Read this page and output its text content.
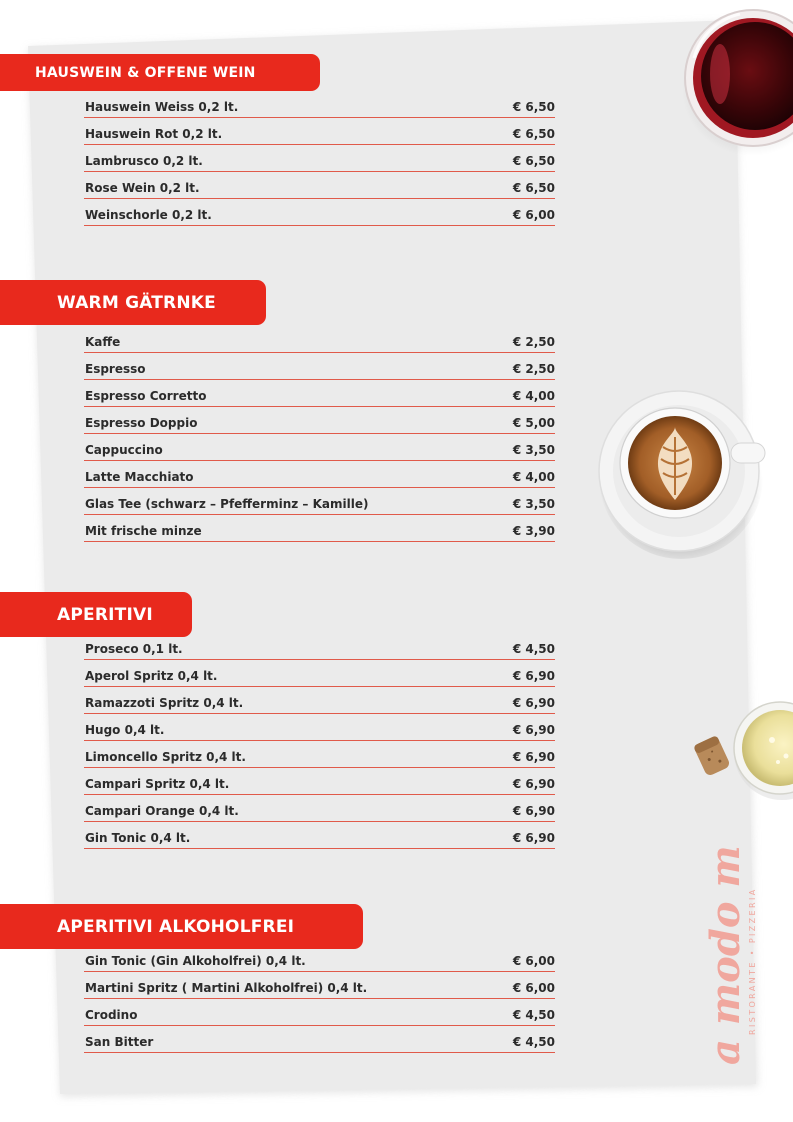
HAUSWEIN & OFFENE WEIN
Hauswein Weiss 0,2 lt.	€ 6,50
Hauswein Rot 0,2 lt.	€ 6,50
Lambrusco 0,2 lt.	€ 6,50
Rose Wein 0,2 lt.	€ 6,50
Weinschorle 0,2 lt.	€ 6,00
WARM GÄTRNKE
Kaffe	€ 2,50
Espresso	€ 2,50
Espresso Corretto	€ 4,00
Espresso Doppio	€ 5,00
Cappuccino	€ 3,50
Latte Macchiato	€ 4,00
Glas Tee (schwarz – Pfefferminz – Kamille)	€ 3,50
Mit frische minze	€ 3,90
APERITIVI
Proseco 0,1 lt.	€ 4,50
Aperol Spritz 0,4 lt.	€ 6,90
Ramazzoti Spritz 0,4 lt.	€ 6,90
Hugo 0,4 lt.	€ 6,90
Limoncello Spritz 0,4 lt.	€ 6,90
Campari Spritz 0,4 lt.	€ 6,90
Campari Orange 0,4 lt.	€ 6,90
Gin Tonic 0,4 lt.	€ 6,90
APERITIVI ALKOHOLFREI
Gin Tonic (Gin Alkoholfrei) 0,4 lt.	€ 6,00
Martini Spritz ( Martini Alkoholfrei) 0,4 lt.	€ 6,00
Crodino	€ 4,50
San Bitter	€ 4,50	a modo mio RISTORANTE • PIZZERIA
